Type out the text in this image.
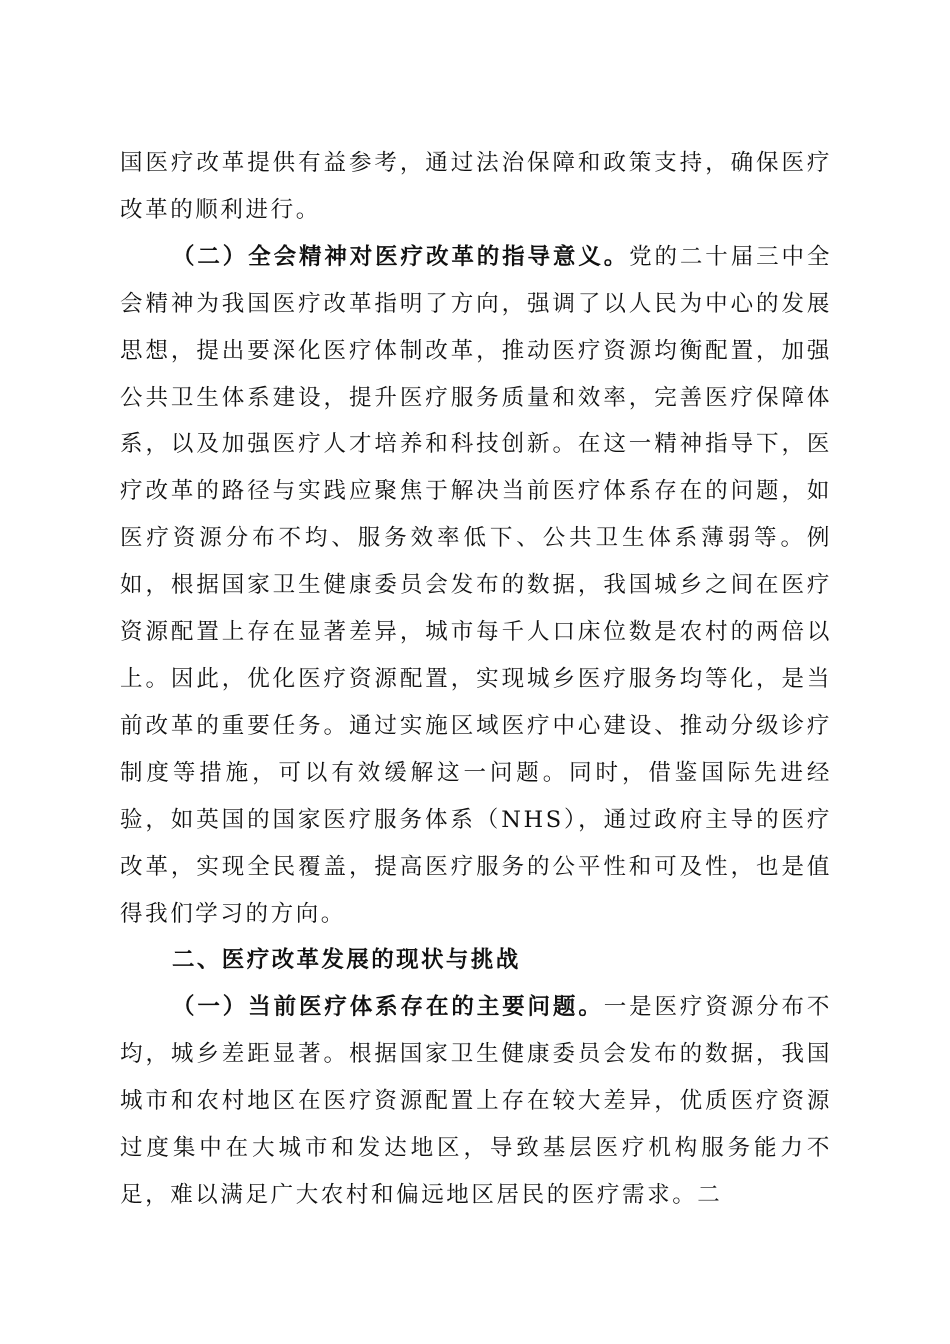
国医疗改革提供有益参考，通过法治保障和政策支持，确保医疗改革的顺利进行。

（二）全会精神对医疗改革的指导意义。党的二十届三中全会精神为我国医疗改革指明了方向，强调了以人民为中心的发展思想，提出要深化医疗体制改革，推动医疗资源均衡配置，加强公共卫生体系建设，提升医疗服务质量和效率，完善医疗保障体系，以及加强医疗人才培养和科技创新。在这一精神指导下，医疗改革的路径与实践应聚焦于解决当前医疗体系存在的问题，如医疗资源分布不均、服务效率低下、公共卫生体系薄弱等。例如，根据国家卫生健康委员会发布的数据，我国城乡之间在医疗资源配置上存在显著差异，城市每千人口床位数是农村的两倍以上。因此，优化医疗资源配置，实现城乡医疗服务均等化，是当前改革的重要任务。通过实施区域医疗中心建设、推动分级诊疗制度等措施，可以有效缓解这一问题。同时，借鉴国际先进经验，如英国的国家医疗服务体系（NHS），通过政府主导的医疗改革，实现全民覆盖，提高医疗服务的公平性和可及性，也是值得我们学习的方向。

二、医疗改革发展的现状与挑战

（一）当前医疗体系存在的主要问题。一是医疗资源分布不均，城乡差距显著。根据国家卫生健康委员会发布的数据，我国城市和农村地区在医疗资源配置上存在较大差异，优质医疗资源过度集中在大城市和发达地区，导致基层医疗机构服务能力不足，难以满足广大农村和偏远地区居民的医疗需求。二
